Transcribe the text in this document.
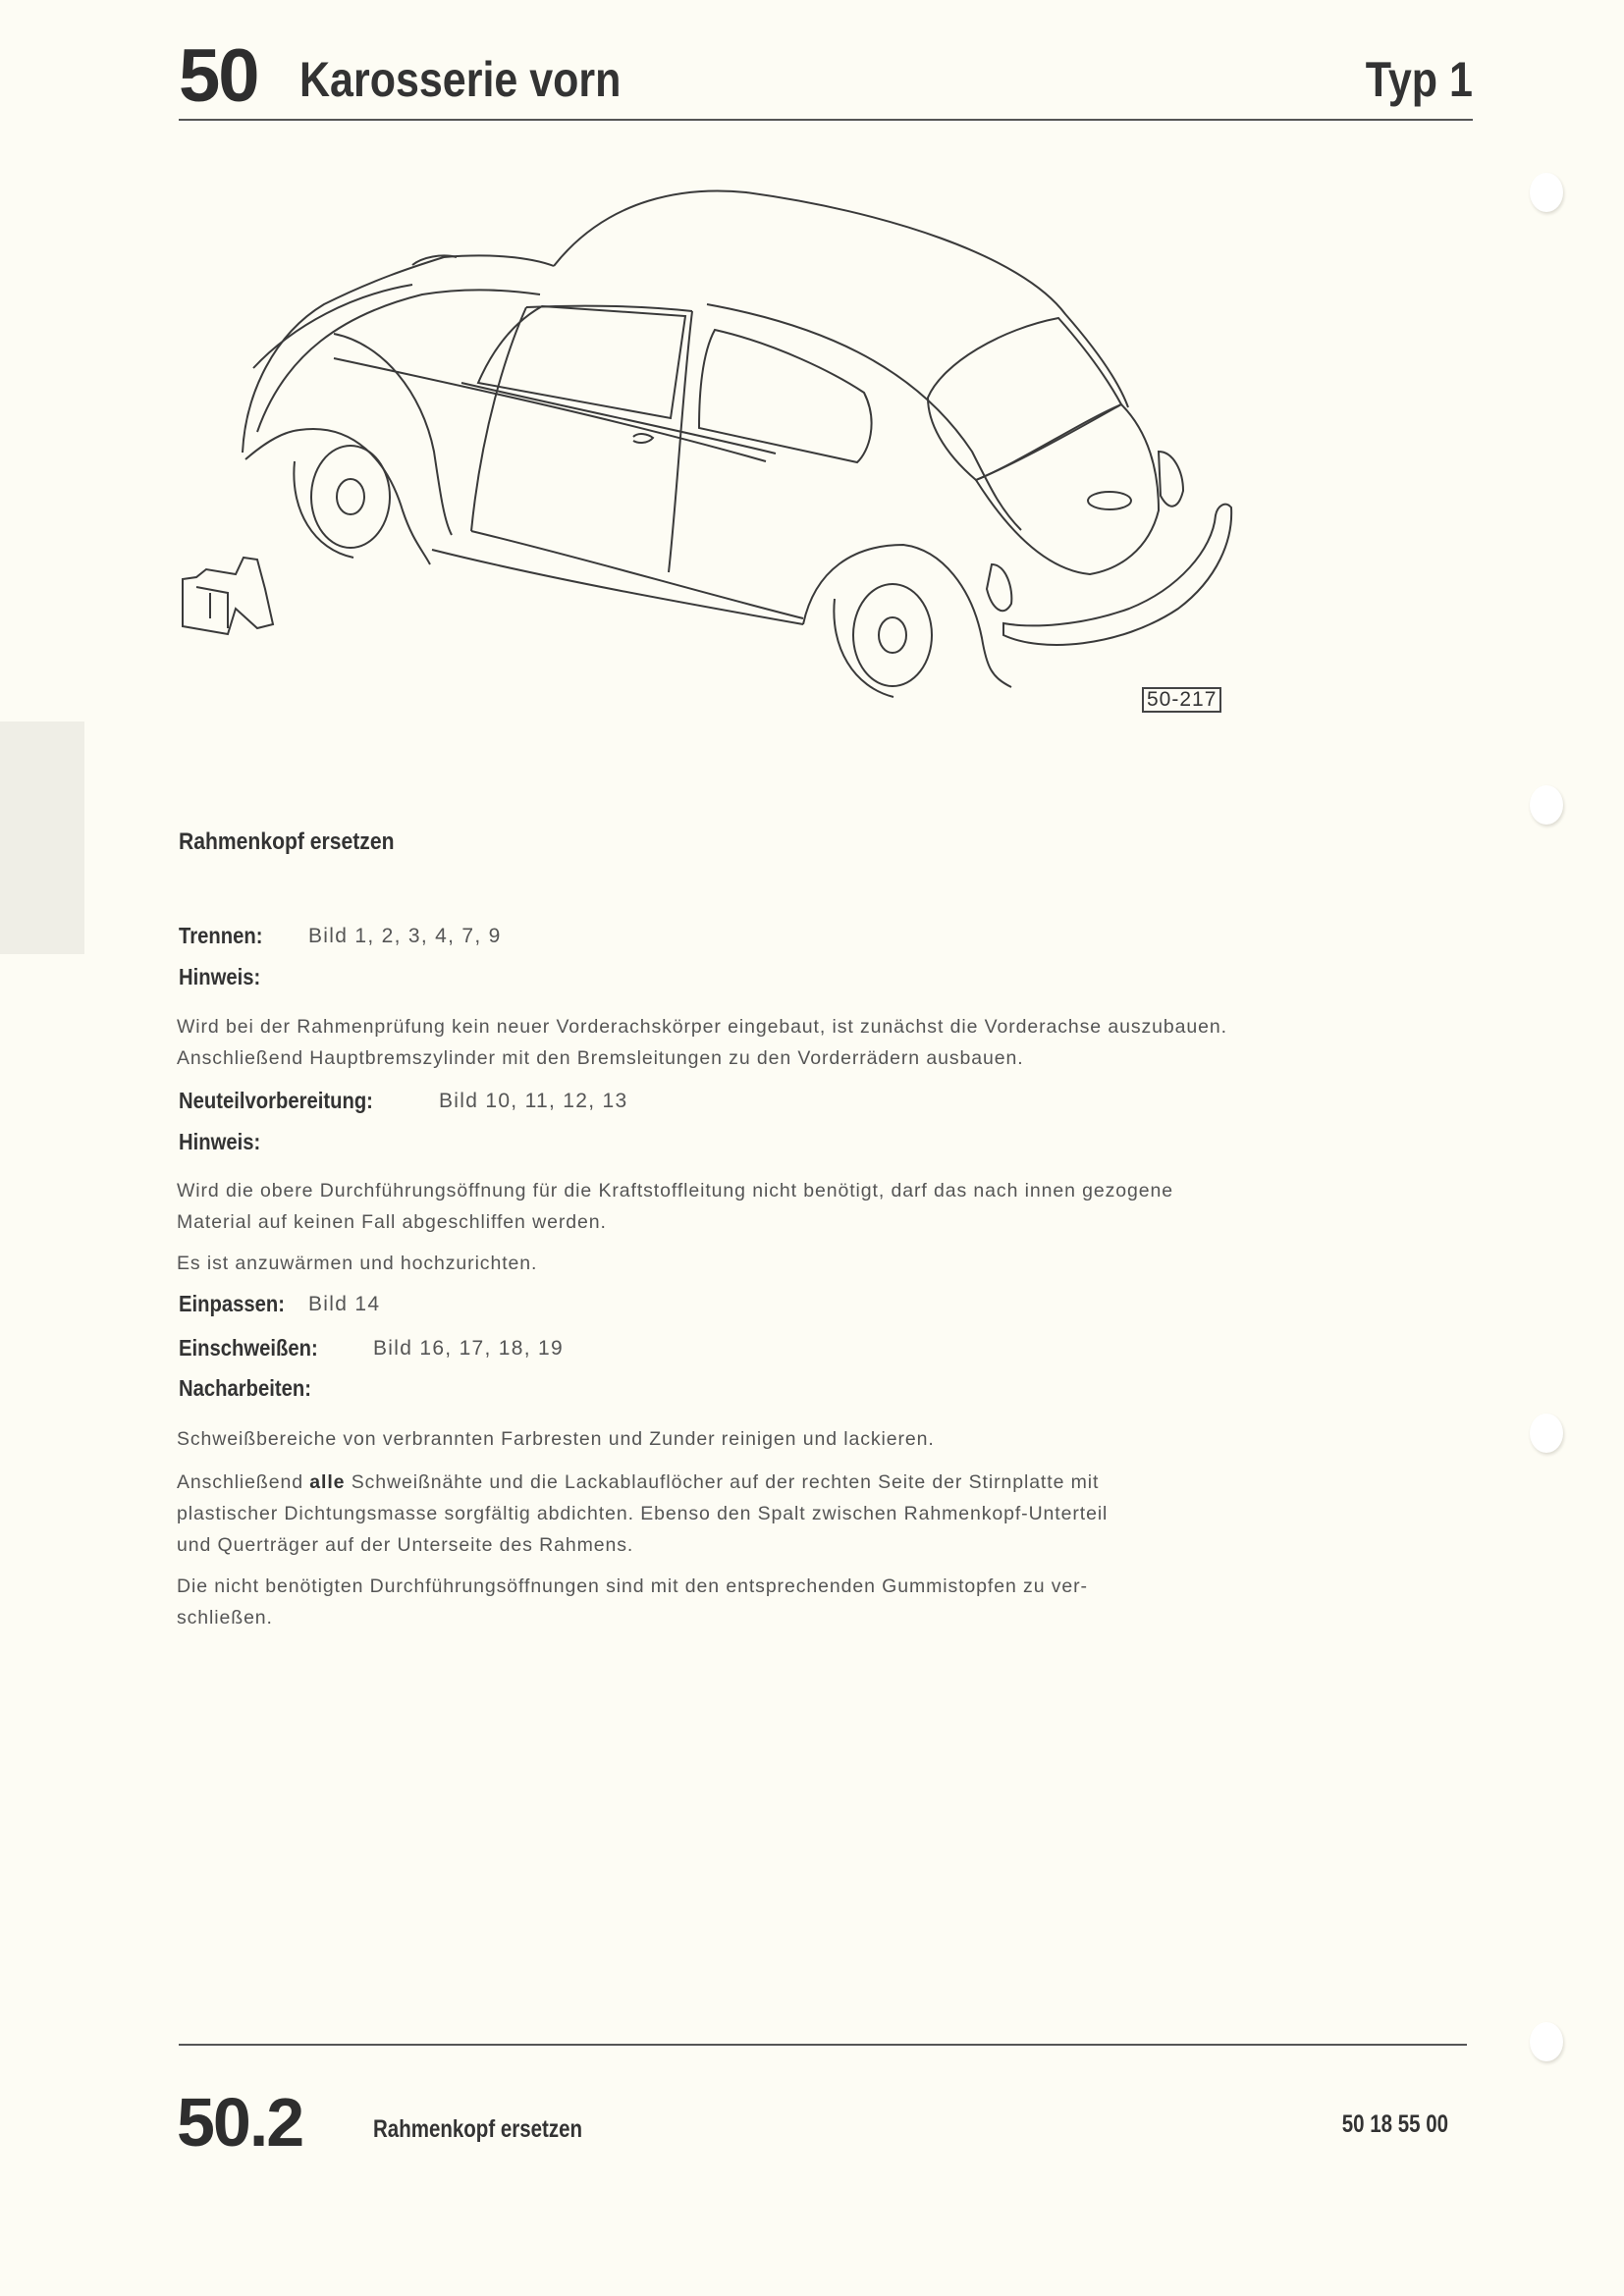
50 Karosserie vorn	Typ 1
50-217
Rahmenkopf ersetzen
Trennen: Bild 1, 2, 3, 4, 7, 9
Hinweis:
Wird bei der Rahmenprüfung kein neuer Vorderachskörper eingebaut, ist zunächst die Vorderachse auszubauen.
Anschließend Hauptbremszylinder mit den Bremsleitungen zu den Vorderrädern ausbauen.
Neuteilvorbereitung:	Bild 10, 11, 12, 13
Hinweis:
Wird die obere Durchführungsöffnung für die Kraftstoffleitung nicht benötigt, darf das nach innen gezogene
Material auf keinen Fall abgeschliffen werden.
Es ist anzuwärmen und hochzurichten.
Einpassen: Bild 14
Einschweißen:	Bild 16, 17, 18, 19
Nacharbeiten:
Schweißbereiche von verbrannten Farbresten und Zunder reinigen und lackieren.
Anschließend alle Schweißnähte und die Lackablauflöcher auf der rechten Seite der Stirnplatte mit
plastischer Dichtungsmasse sorgfältig abdichten. Ebenso den Spalt zwischen Rahmenkopf-Unterteil
und Querträger auf der Unterseite des Rahmens.
Die nicht benötigten Durchführungsöffnungen sind mit den entsprechenden Gummistopfen zu ver-
schließen.
50.2	Rahmenkopf ersetzen	50 18 55 00
